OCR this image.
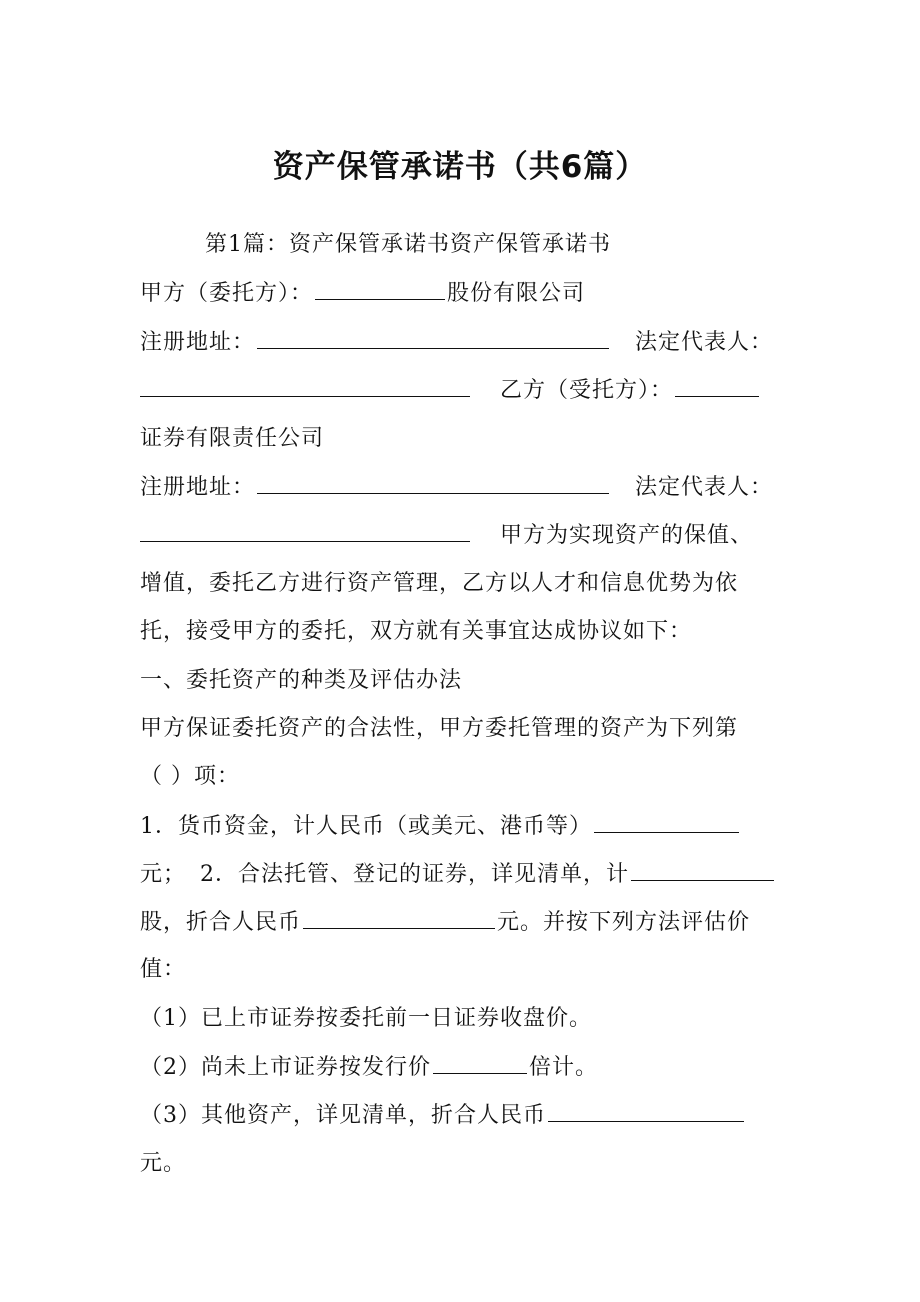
资产保管承诺书（共6篇）
第1篇：资产保管承诺书资产保管承诺书
甲方（委托方）：	股份有限公司
注册地址：	法定代表人：
乙方（受托方）：
证券有限责任公司
注册地址：	法定代表人：
甲方为实现资产的保值、
增值，委托乙方进行资产管理，乙方以人才和信息优势为依
托，接受甲方的委托，双方就有关事宜达成协议如下：
一、委托资产的种类及评估办法
甲方保证委托资产的合法性，甲方委托管理的资产为下列第
（ ）项：
1．货币资金，计人民币（或美元、港币等）
元； 2．合法托管、登记的证券，详见清单，计
股，折合人民币	元。并按下列方法评估价
值：
（1）已上市证券按委托前一日证券收盘价。
（2）尚未上市证券按发行价	倍计。
（3）其他资产，详见清单，折合人民币
元。
